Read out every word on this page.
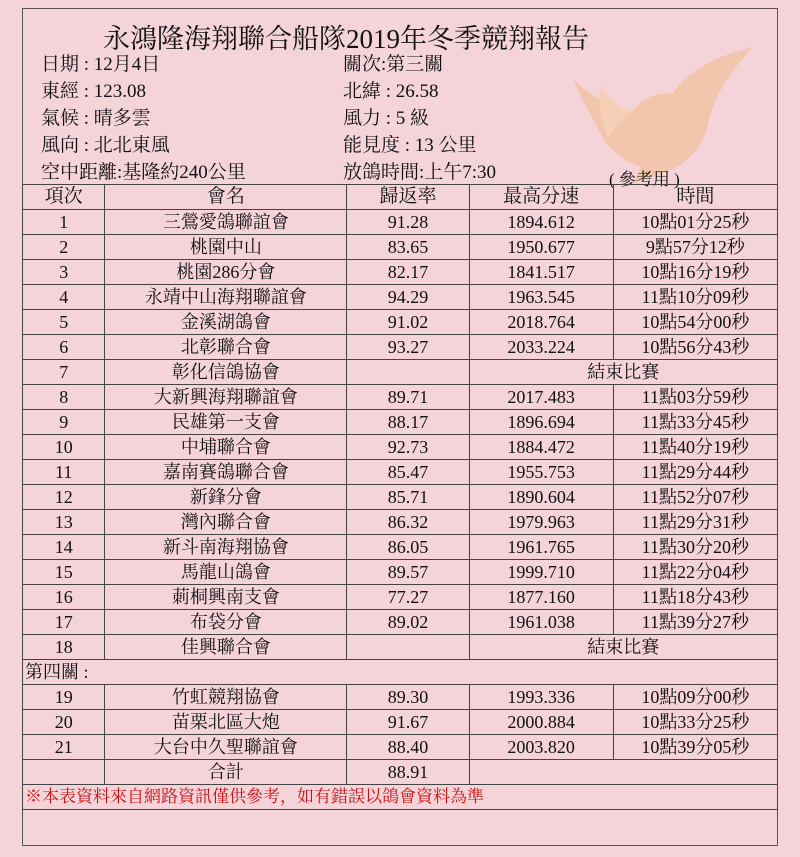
永鴻隆海翔聯合船隊2019年冬季競翔報告
日期 : 12月4日	關次:第三關
東經 : 123.08	北緯 : 26.58
氣候 : 晴多雲	風力 : 5 級
風向 : 北北東風	能見度 : 13 公里
空中距離:基隆約240公里	放鴿時間:上午7:30	( 參考用 )
項次	會名	歸返率	最高分速	時間
1	三鶯愛鴿聯誼會	91.28	1894.612	10點01分25秒
2	桃園中山	83.65	1950.677	9點57分12秒
3	桃園286分會	82.17	1841.517	10點16分19秒
4	永靖中山海翔聯誼會	94.29	1963.545	11點10分09秒
5	金溪湖鴿會	91.02	2018.764	10點54分00秒
6	北彰聯合會	93.27	2033.224	10點56分43秒
7	彰化信鴿協會		結束比賽	
8	大新興海翔聯誼會	89.71	2017.483	11點03分59秒
9	民雄第一支會	88.17	1896.694	11點33分45秒
10	中埔聯合會	92.73	1884.472	11點40分19秒
11	嘉南賽鴿聯合會	85.47	1955.753	11點29分44秒
12	新鋒分會	85.71	1890.604	11點52分07秒
13	灣內聯合會	86.32	1979.963	11點29分31秒
14	新斗南海翔協會	86.05	1961.765	11點30分20秒
15	馬龍山鴿會	89.57	1999.710	11點22分04秒
16	莿桐興南支會	77.27	1877.160	11點18分43秒
17	布袋分會	89.02	1961.038	11點39分27秒
18	佳興聯合會		結束比賽	
第四關 :				
19	竹虹競翔協會	89.30	1993.336	10點09分00秒
20	苗栗北區大炮	91.67	2000.884	10點33分25秒
21	大台中久聖聯誼會	88.40	2003.820	10點39分05秒
	合計	88.91		
※本表資料來自網路資訊僅供參考，如有錯誤以鴿會資料為準				
